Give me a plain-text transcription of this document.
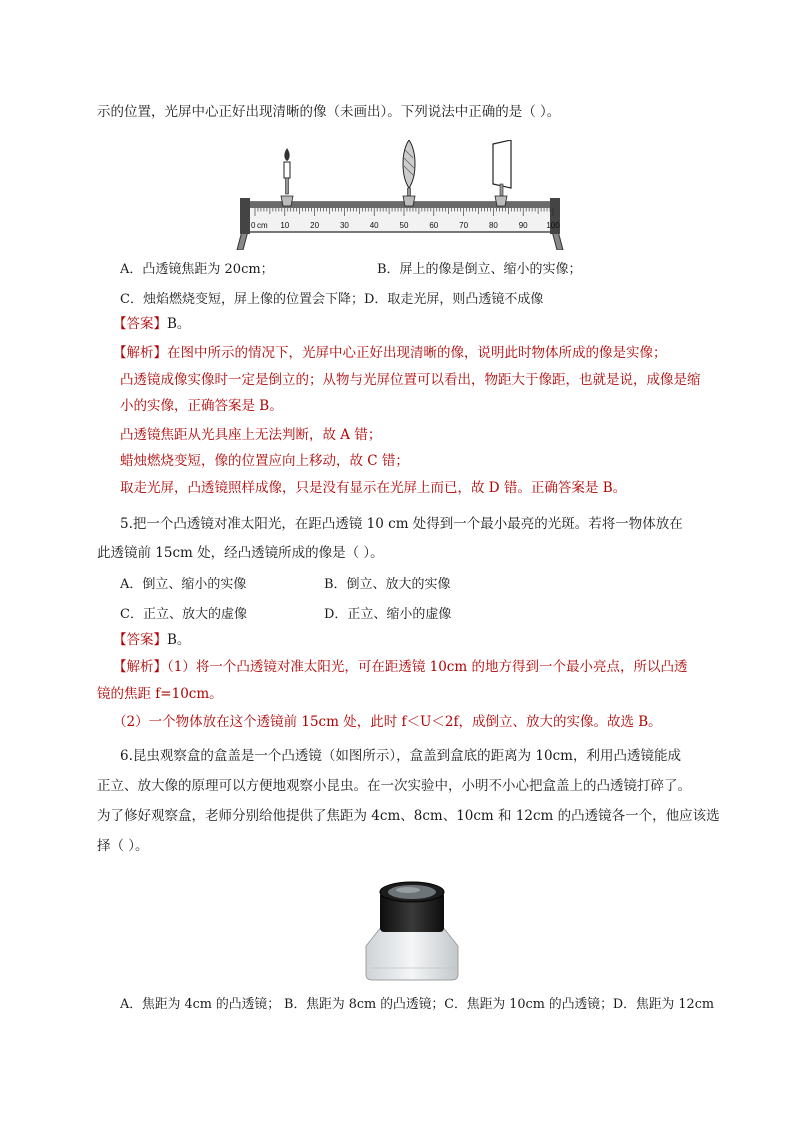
示的位置，光屏中心正好出现清晰的像（未画出）。下列说法中正确的是（ ）。
0	10	20	30	40	50	60	70	80	90 100
cm
A．凸透镜焦距为 20cm；	B．屏上的像是倒立、缩小的实像；
C．烛焰燃烧变短，屏上像的位置会下降；D．取走光屏，则凸透镜不成像
【答案】B。
【解析】在图中所示的情况下，光屏中心正好出现清晰的像，说明此时物体所成的像是实像；
凸透镜成像实像时一定是倒立的；从物与光屏位置可以看出，物距大于像距，也就是说，成像是缩
小的实像，正确答案是 B。
凸透镜焦距从光具座上无法判断，故 A 错；
蜡烛燃烧变短，像的位置应向上移动，故 C 错；
取走光屏，凸透镜照样成像，只是没有显示在光屏上而已，故 D 错。正确答案是 B。
5.把一个凸透镜对准太阳光，在距凸透镜 10 cm 处得到一个最小最亮的光斑。若将一物体放在
此透镜前 15cm 处，经凸透镜所成的像是（ ）。
A．倒立、缩小的实像	B．倒立、放大的实像
C．正立、放大的虚像	D．正立、缩小的虚像
【答案】B。
【解析】（1）将一个凸透镜对准太阳光，可在距透镜 10cm 的地方得到一个最小亮点，所以凸透
镜的焦距 f=10cm。
（2）一个物体放在这个透镜前 15cm 处，此时 f＜U＜2f，成倒立、放大的实像。故选 B。
6.昆虫观察盒的盒盖是一个凸透镜（如图所示），盒盖到盒底的距离为 10cm，利用凸透镜能成
正立、放大像的原理可以方便地观察小昆虫。在一次实验中，小明不小心把盒盖上的凸透镜打碎了。
为了修好观察盒，老师分别给他提供了焦距为 4cm、8cm、10cm 和 12cm 的凸透镜各一个，他应该选
择（ ）。
A．焦距为 4cm 的凸透镜； B．焦距为 8cm 的凸透镜；C．焦距为 10cm 的凸透镜；D．焦距为 12cm
